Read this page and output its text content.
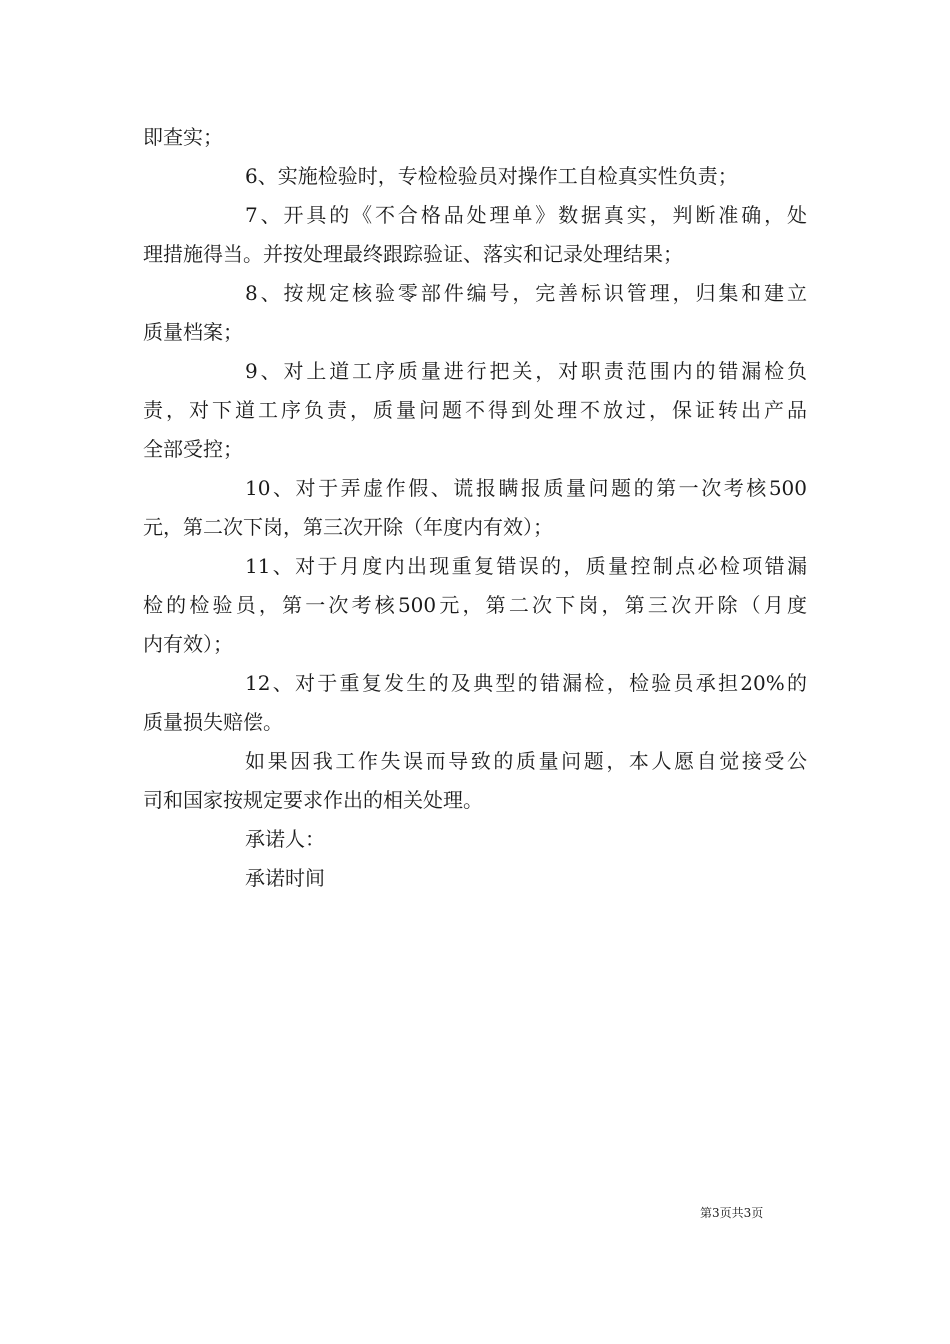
即查实；
6、实施检验时，专检检验员对操作工自检真实性负责；
7、开具的《不合格品处理单》数据真实，判断准确，处
理措施得当。并按处理最终跟踪验证、落实和记录处理结果；
8、按规定核验零部件编号，完善标识管理，归集和建立
质量档案；
9、对上道工序质量进行把关，对职责范围内的错漏检负
责，对下道工序负责，质量问题不得到处理不放过，保证转出产品
全部受控；
10、对于弄虚作假、谎报瞒报质量问题的第一次考核500
元，第二次下岗，第三次开除（年度内有效）；
11、对于月度内出现重复错误的，质量控制点必检项错漏
检的检验员，第一次考核500元，第二次下岗，第三次开除（月度
内有效）；
12、对于重复发生的及典型的错漏检，检验员承担20%的
质量损失赔偿。
如果因我工作失误而导致的质量问题，本人愿自觉接受公
司和国家按规定要求作出的相关处理。
承诺人：
承诺时间
第3页共3页
